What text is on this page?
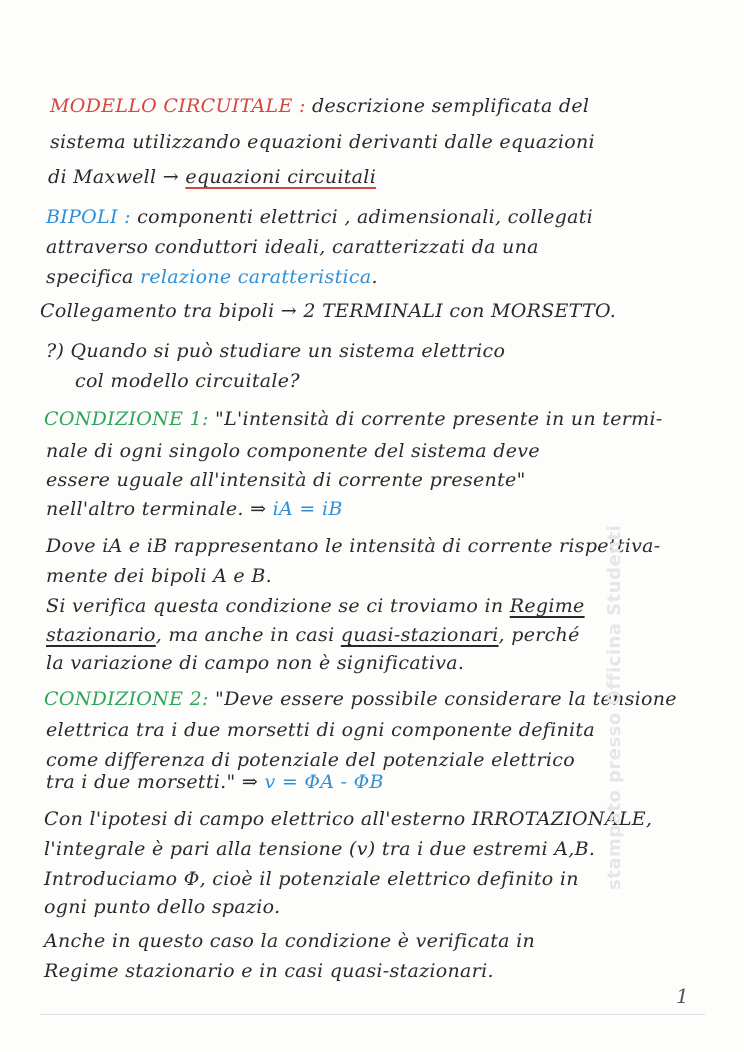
MODELLO CIRCUITALE : descrizione semplificata del
sistema utilizzando equazioni derivanti dalle equazioni
di Maxwell → equazioni circuitali
BIPOLI : componenti elettrici , adimensionali, collegati
attraverso conduttori ideali, caratterizzati da una
specifica relazione caratteristica.
Collegamento tra bipoli → 2 TERMINALI con MORSETTO.
?) Quando si può studiare un sistema elettrico
col modello circuitale?
CONDIZIONE 1: "L'intensità di corrente presente in un termi-
nale di ogni singolo componente del sistema deve
essere uguale all'intensità di corrente presente"
nell'altro terminale. ⇒ iA = iB
Dove iA e iB rappresentano le intensità di corrente rispettiva-
mente dei bipoli A e B.
Si verifica questa condizione se ci troviamo in Regime
stazionario, ma anche in casi quasi-stazionari, perché
la variazione di campo non è significativa.
CONDIZIONE 2: "Deve essere possibile considerare la tensione
elettrica tra i due morsetti di ogni componente definita
come differenza di potenziale del potenziale elettrico
tra i due morsetti." ⇒ v = ΦA - ΦB
Con l'ipotesi di campo elettrico all'esterno IRROTAZIONALE,
l'integrale è pari alla tensione (v) tra i due estremi A,B.
Introduciamo Φ, cioè il potenziale elettrico definito in
ogni punto dello spazio.
Anche in questo caso la condizione è verificata in
Regime stazionario e in casi quasi-stazionari.
stampato presso Officina Studenti
1
